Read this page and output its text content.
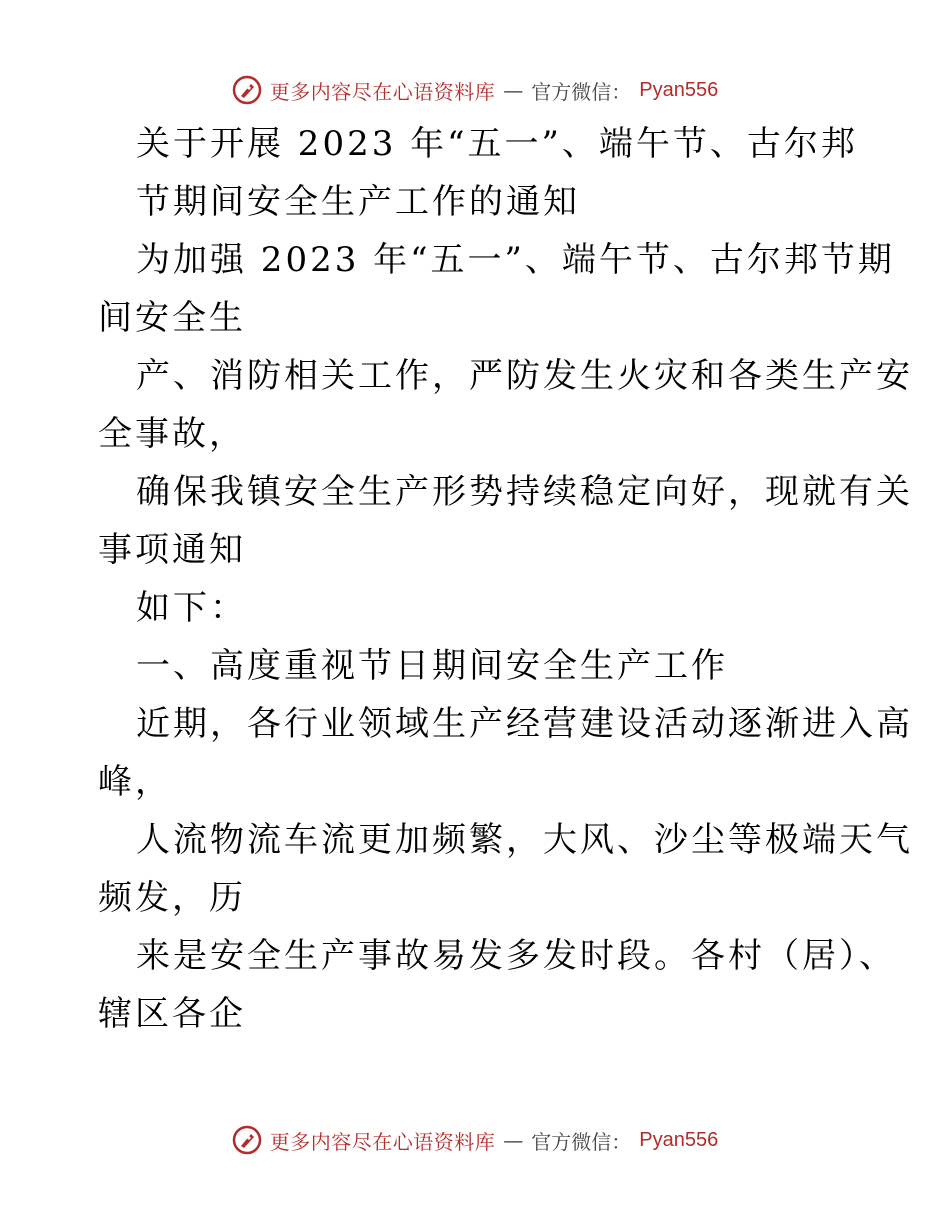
更多内容尽在心语资料库 — 官方微信： Pyan556
关于开展 2023 年“五一”、端午节、古尔邦
节期间安全生产工作的通知
为加强 2023 年“五一”、端午节、古尔邦节期
间安全生
产、消防相关工作，严防发生火灾和各类生产安
全事故，
确保我镇安全生产形势持续稳定向好，现就有关
事项通知
如下：
一、高度重视节日期间安全生产工作
近期，各行业领域生产经营建设活动逐渐进入高
峰，
人流物流车流更加频繁，大风、沙尘等极端天气
频发，历
来是安全生产事故易发多发时段。各村（居）、
辖区各企
更多内容尽在心语资料库 — 官方微信： Pyan556
